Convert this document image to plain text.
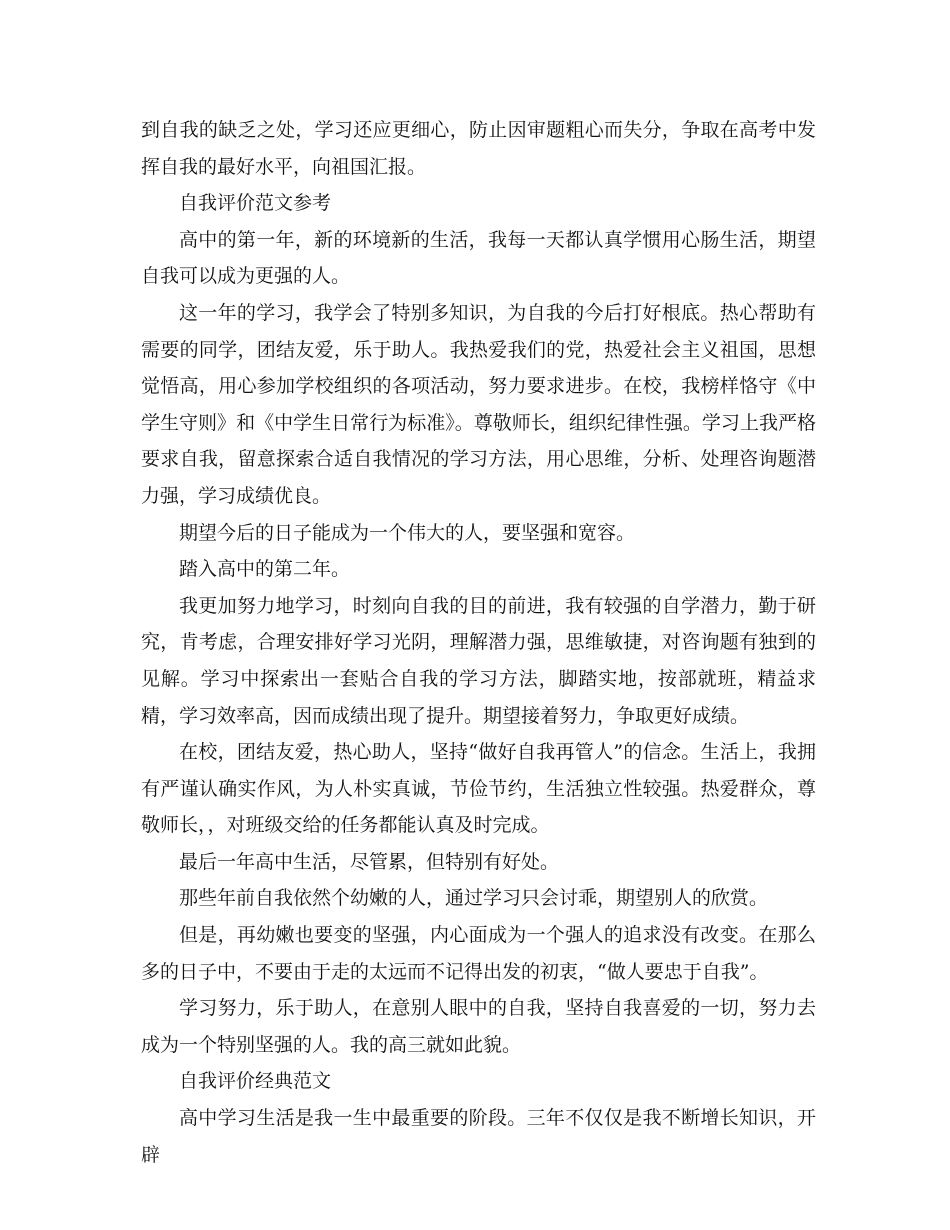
到自我的缺乏之处，学习还应更细心，防止因审题粗心而失分，争取在高考中发挥自我的最好水平，向祖国汇报。

自我评价范文参考

高中的第一年，新的环境新的生活，我每一天都认真学惯用心肠生活，期望自我可以成为更强的人。

这一年的学习，我学会了特别多知识，为自我的今后打好根底。热心帮助有需要的同学，团结友爱，乐于助人。我热爱我们的党，热爱社会主义祖国，思想觉悟高，用心参加学校组织的各项活动，努力要求进步。在校，我榜样恪守《中学生守则》和《中学生日常行为标准》。尊敬师长，组织纪律性强。学习上我严格要求自我，留意探索合适自我情况的学习方法，用心思维，分析、处理咨询题潜力强，学习成绩优良。

期望今后的日子能成为一个伟大的人，要坚强和宽容。

踏入高中的第二年。

我更加努力地学习，时刻向自我的目的前进，我有较强的自学潜力，勤于研究，肯考虑，合理安排好学习光阴，理解潜力强，思维敏捷，对咨询题有独到的见解。学习中探索出一套贴合自我的学习方法，脚踏实地，按部就班，精益求精，学习效率高，因而成绩出现了提升。期望接着努力，争取更好成绩。

在校，团结友爱，热心助人，坚持“做好自我再管人”的信念。生活上，我拥有严谨认确实作风，为人朴实真诚，节俭节约，生活独立性较强。热爱群众，尊敬师长，，对班级交给的任务都能认真及时完成。

最后一年高中生活，尽管累，但特别有好处。

那些年前自我依然个幼嫩的人，通过学习只会讨乖，期望别人的欣赏。

但是，再幼嫩也要变的坚强，内心面成为一个强人的追求没有改变。在那么多的日子中，不要由于走的太远而不记得出发的初衷，“做人要忠于自我”。

学习努力，乐于助人，在意别人眼中的自我，坚持自我喜爱的一切，努力去成为一个特别坚强的人。我的高三就如此貌。

自我评价经典范文

高中学习生活是我一生中最重要的阶段。三年不仅仅是我不断增长知识，开辟
